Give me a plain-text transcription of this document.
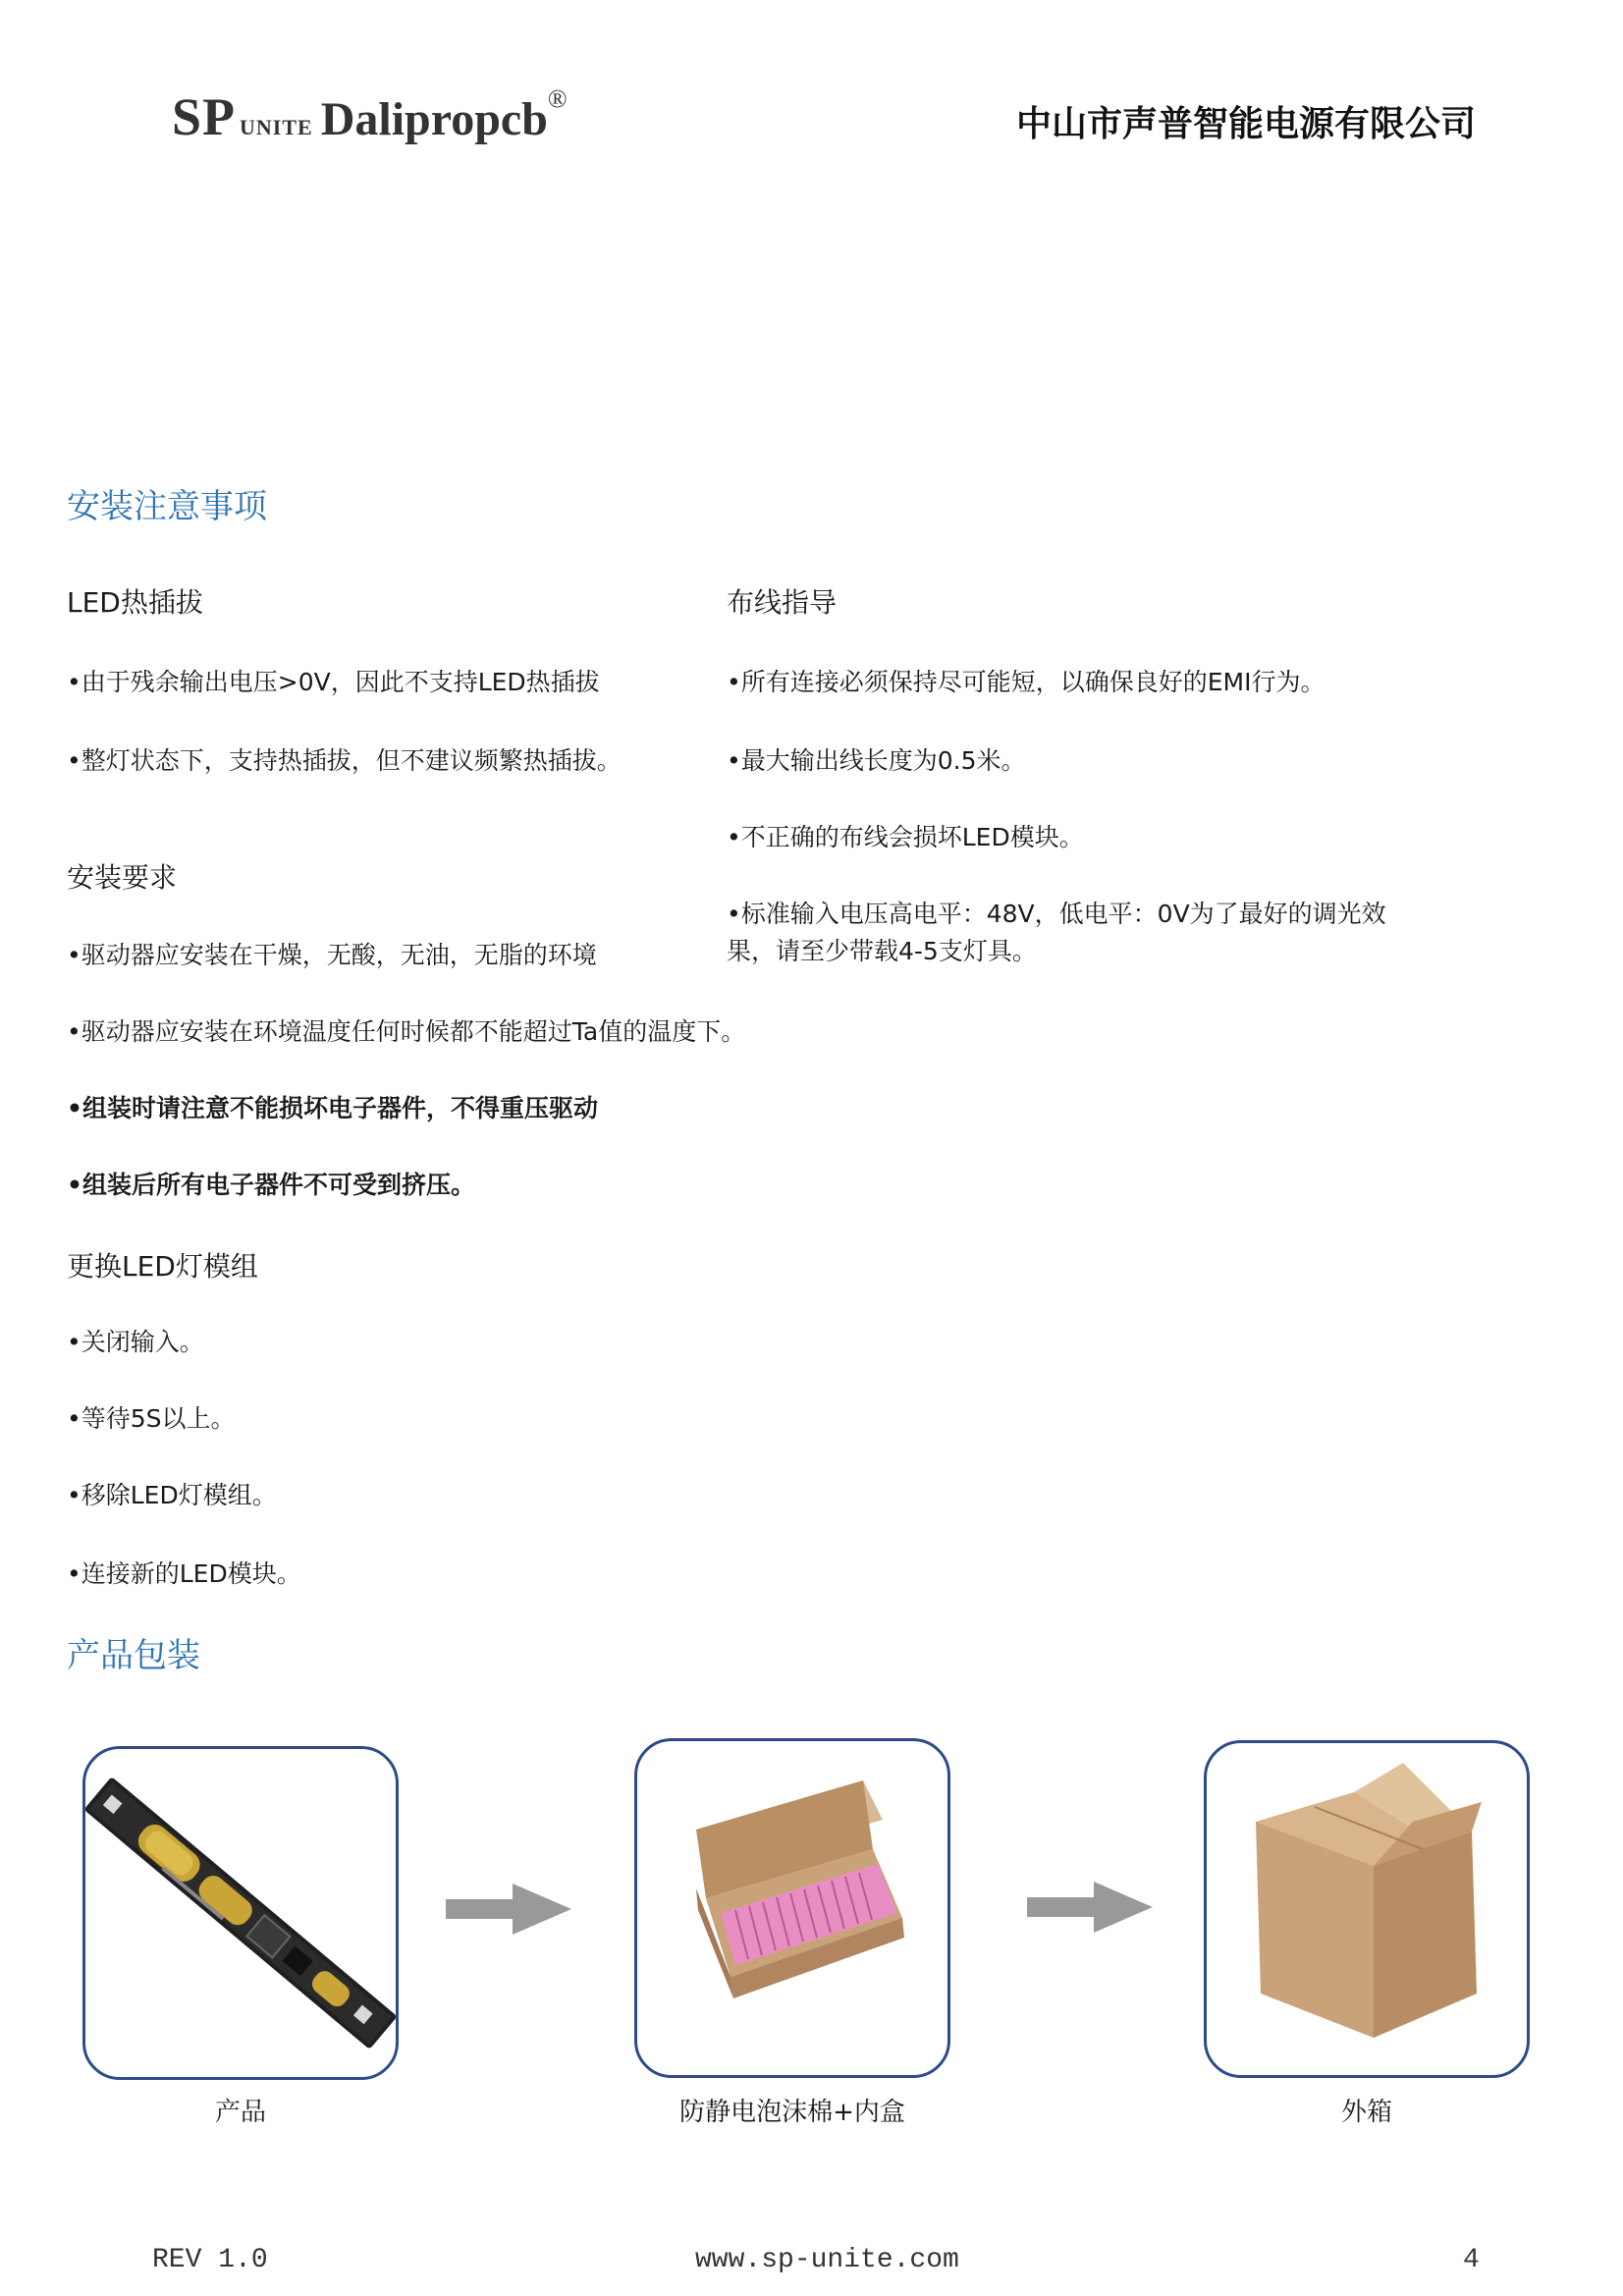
SP UNITE Dalipropcb®
中山市声普智能电源有限公司
安装注意事项
LED热插拔
•由于残余输出电压>0V，因此不支持LED热插拔
•整灯状态下，支持热插拔，但不建议频繁热插拔。
布线指导
•所有连接必须保持尽可能短，以确保良好的EMI行为。
•最大输出线长度为0.5米。
•不正确的布线会损坏LED模块。
•标准输入电压高电平：48V，低电平：0V为了最好的调光效果，请至少带载4-5支灯具。
安装要求
•驱动器应安装在干燥，无酸，无油，无脂的环境
•驱动器应安装在环境温度任何时候都不能超过Ta值的温度下。
•组装时请注意不能损坏电子器件，不得重压驱动
•组装后所有电子器件不可受到挤压。
更换LED灯模组
•关闭输入。
•等待5S以上。
•移除LED灯模组。
•连接新的LED模块。
产品包装
产品	防静电泡沫棉+内盒	外箱
REV 1.0	www.sp-unite.com	4
